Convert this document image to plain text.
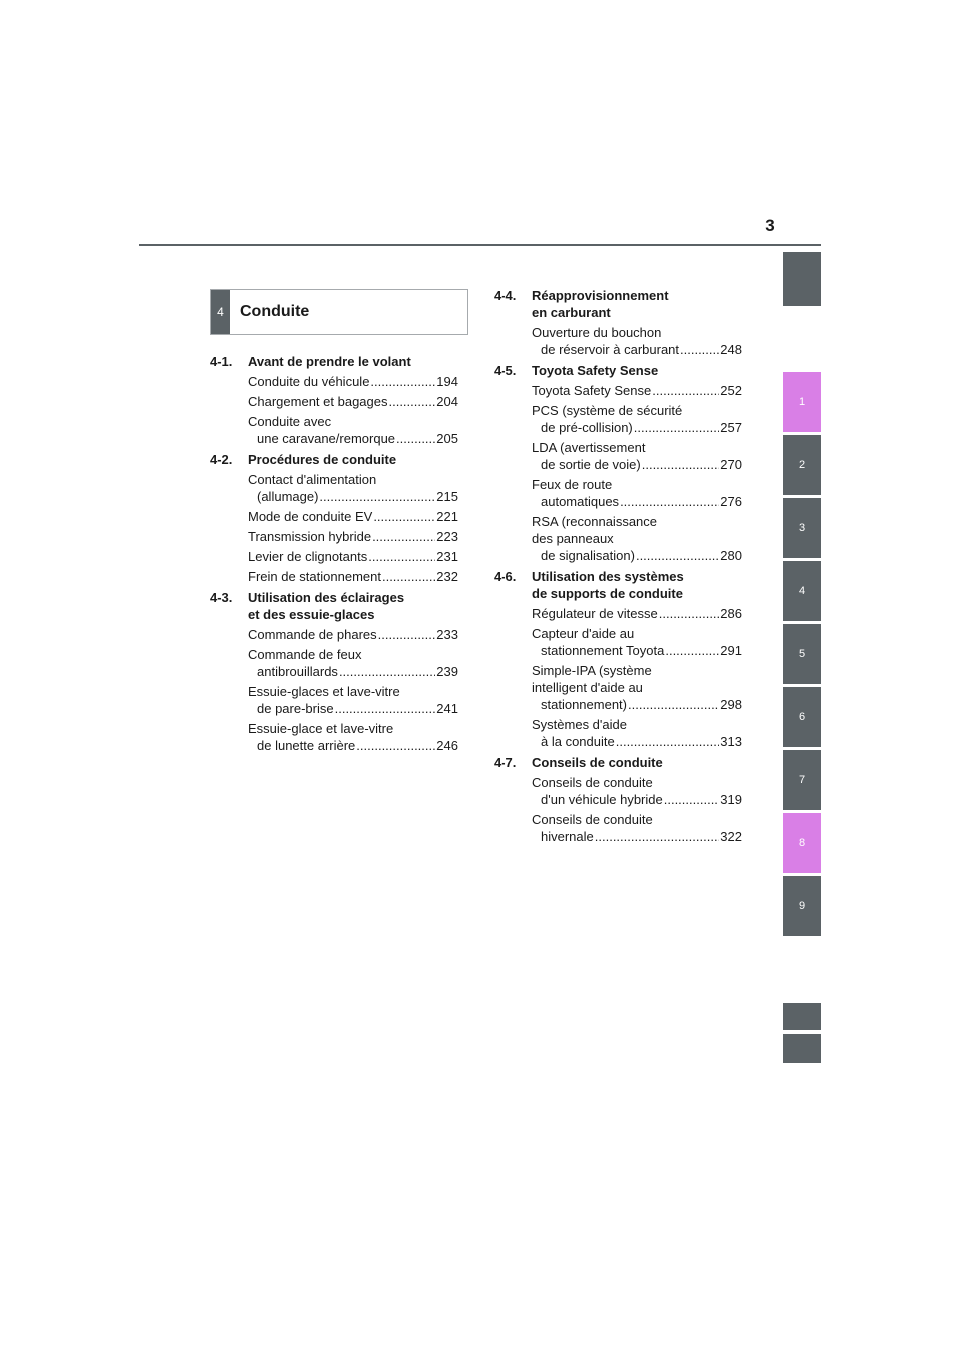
3
1
2
3
4
5
6
7
8
9
4	Conduite
4-1.	Avant de prendre le volant
Conduite du véhicule .....	194
Chargement et bagages .....	204
Conduite avec
une caravane/remorque .....	205
4-2.	Procédures de conduite
Contact d'alimentation
(allumage) .....	215
Mode de conduite EV .....	221
Transmission hybride .....	223
Levier de clignotants .....	231
Frein de stationnement .....	232
4-3.	Utilisation des éclairages
et des essuie-glaces
Commande de phares .....	233
Commande de feux
antibrouillards .....	239
Essuie-glaces et lave-vitre
de pare-brise .....	241
Essuie-glace et lave-vitre
de lunette arrière .....	246
4-4.	Réapprovisionnement
en carburant
Ouverture du bouchon
de réservoir à carburant .....	248
4-5.	Toyota Safety Sense
Toyota Safety Sense .....	252
PCS (système de sécurité
de pré-collision) .....	257
LDA (avertissement
de sortie de voie) .....	270
Feux de route
automatiques .....	276
RSA (reconnaissance
des panneaux
de signalisation) .....	280
4-6.	Utilisation des systèmes
de supports de conduite
Régulateur de vitesse .....	286
Capteur d'aide au
stationnement Toyota .....	291
Simple-IPA (système
intelligent d'aide au
stationnement) .....	298
Systèmes d'aide
à la conduite .....	313
4-7.	Conseils de conduite
Conseils de conduite
d'un véhicule hybride .....	319
Conseils de conduite
hivernale .....	322
